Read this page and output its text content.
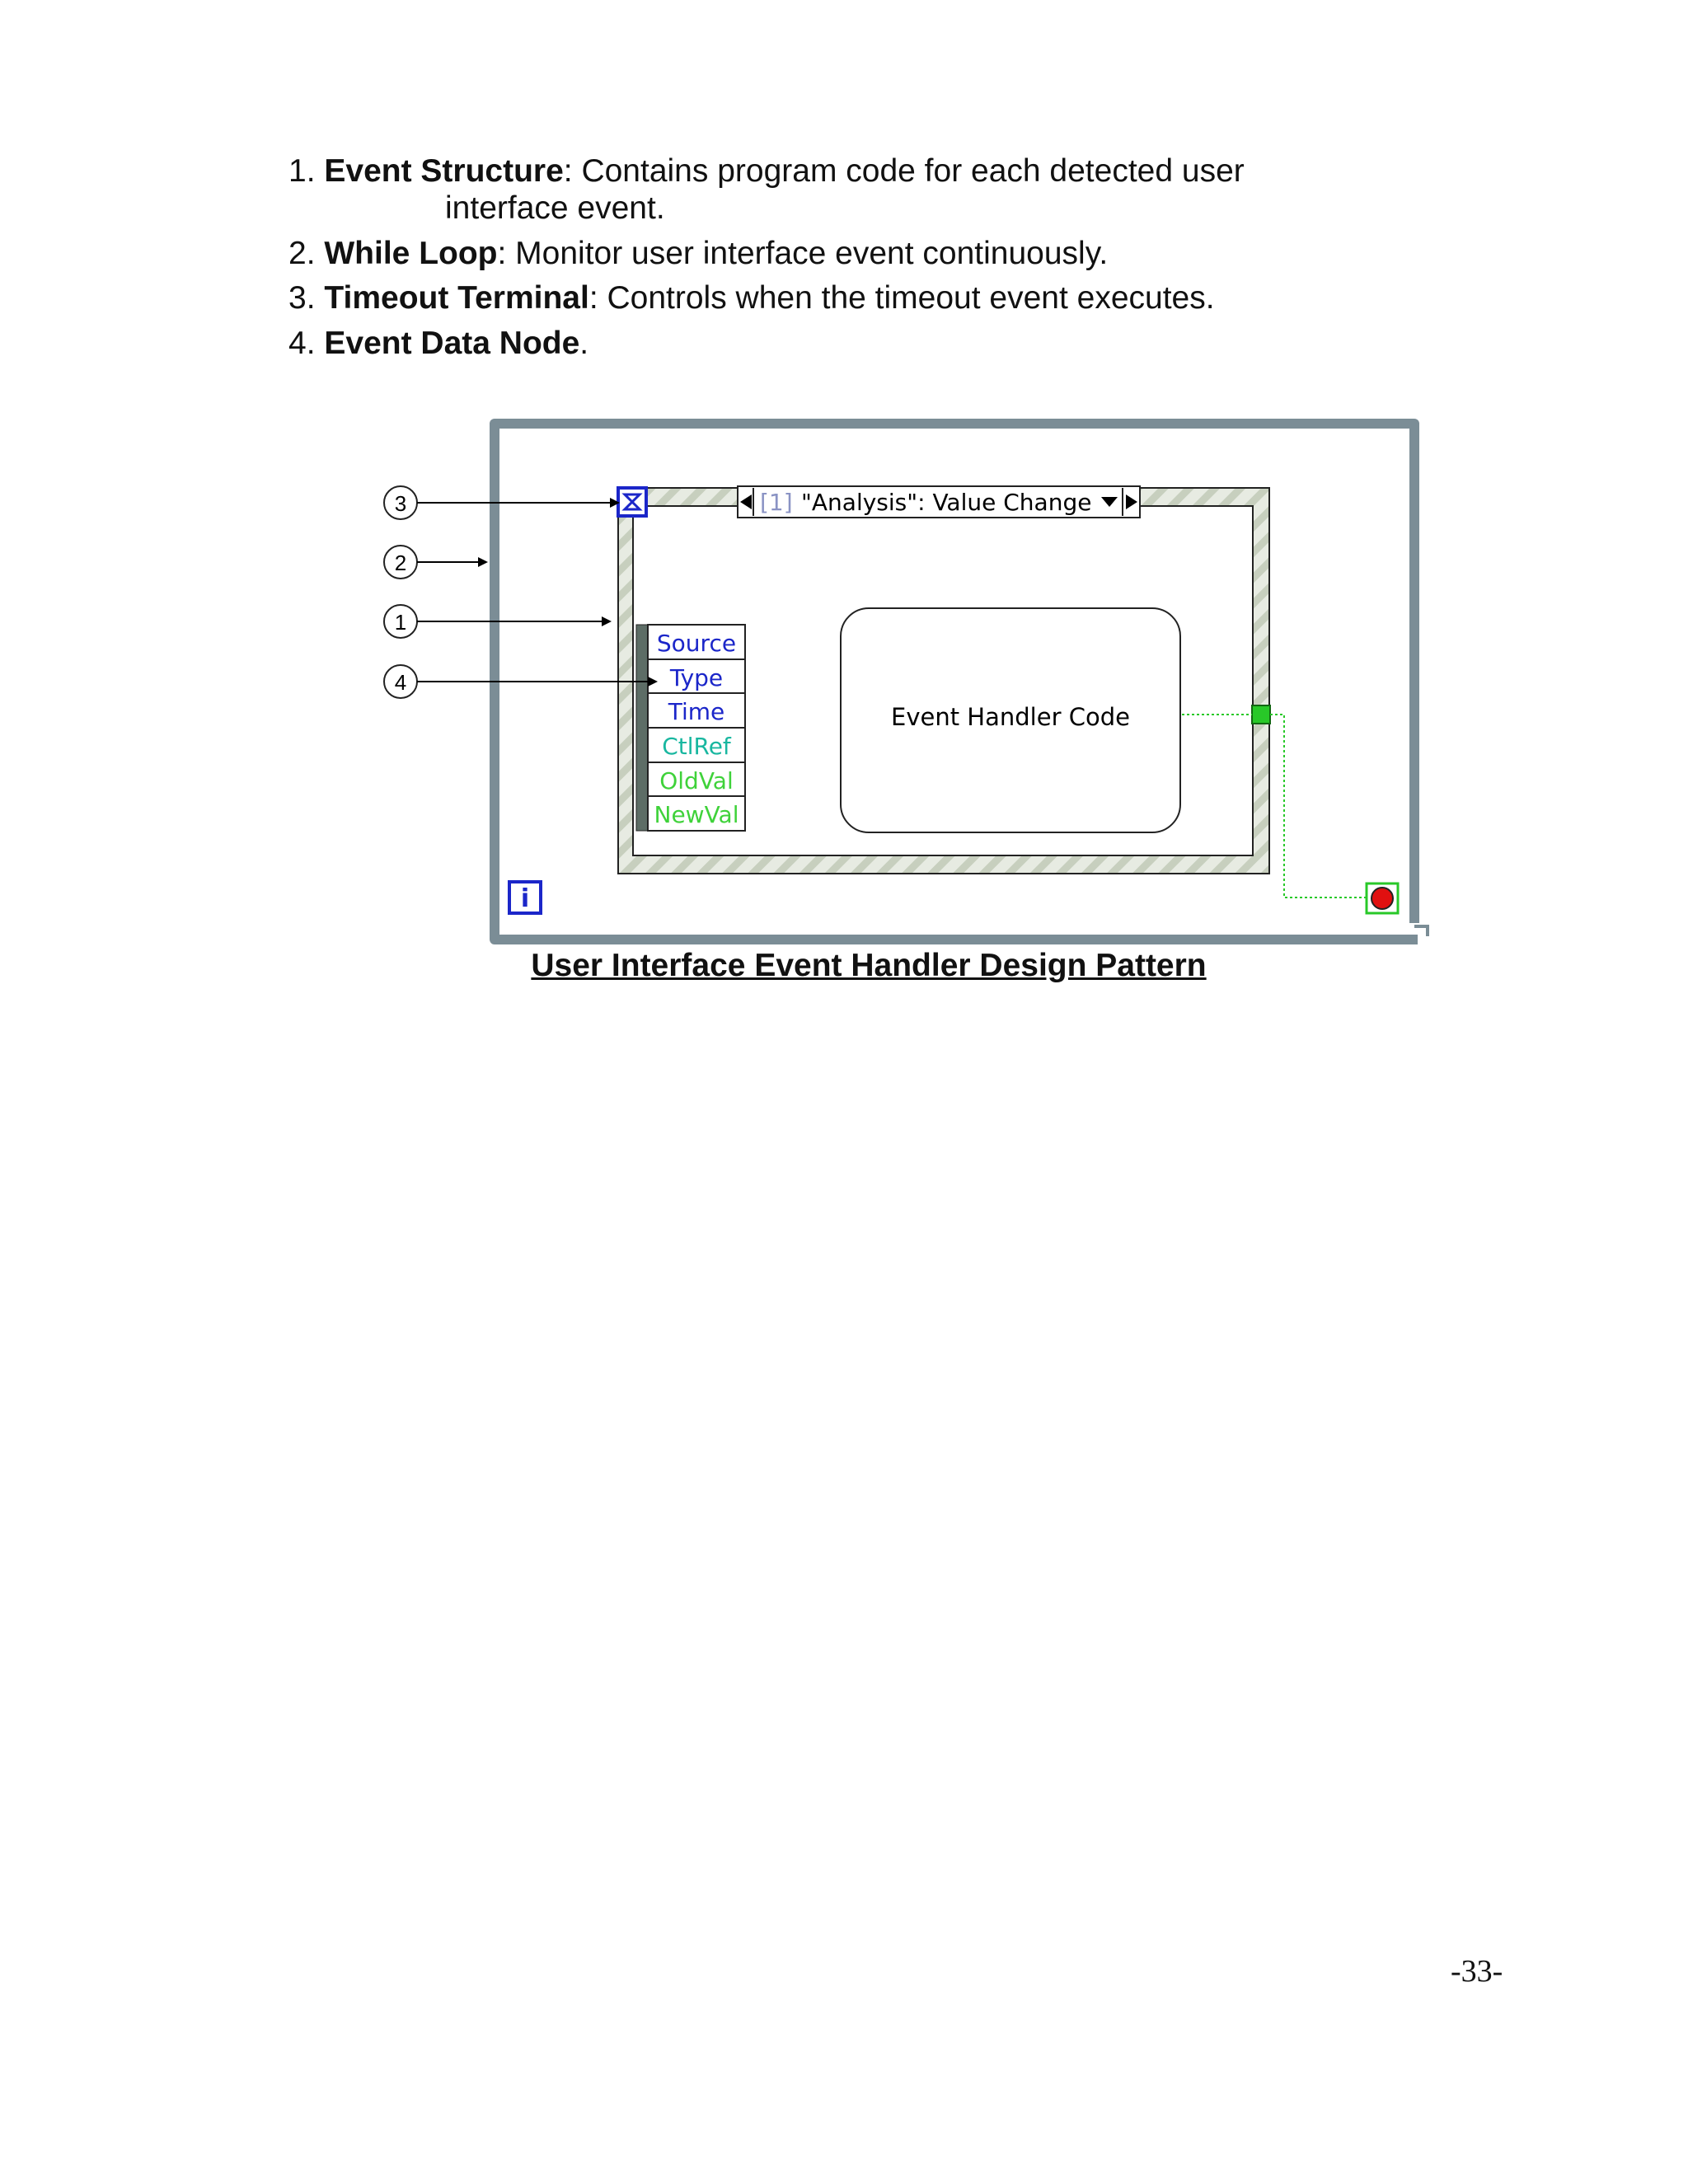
1. Event Structure: Contains program code for each detected user
interface event.
2. While Loop: Monitor user interface event continuously.
3. Timeout Terminal: Controls when the timeout event executes.
4. Event Data Node.
[1] "Analysis": Value Change
Source
Type
Time
CtlRef
OldVal
NewVal
Event Handler Code
i
3
2
1
4
User Interface Event Handler Design Pattern
-33-
